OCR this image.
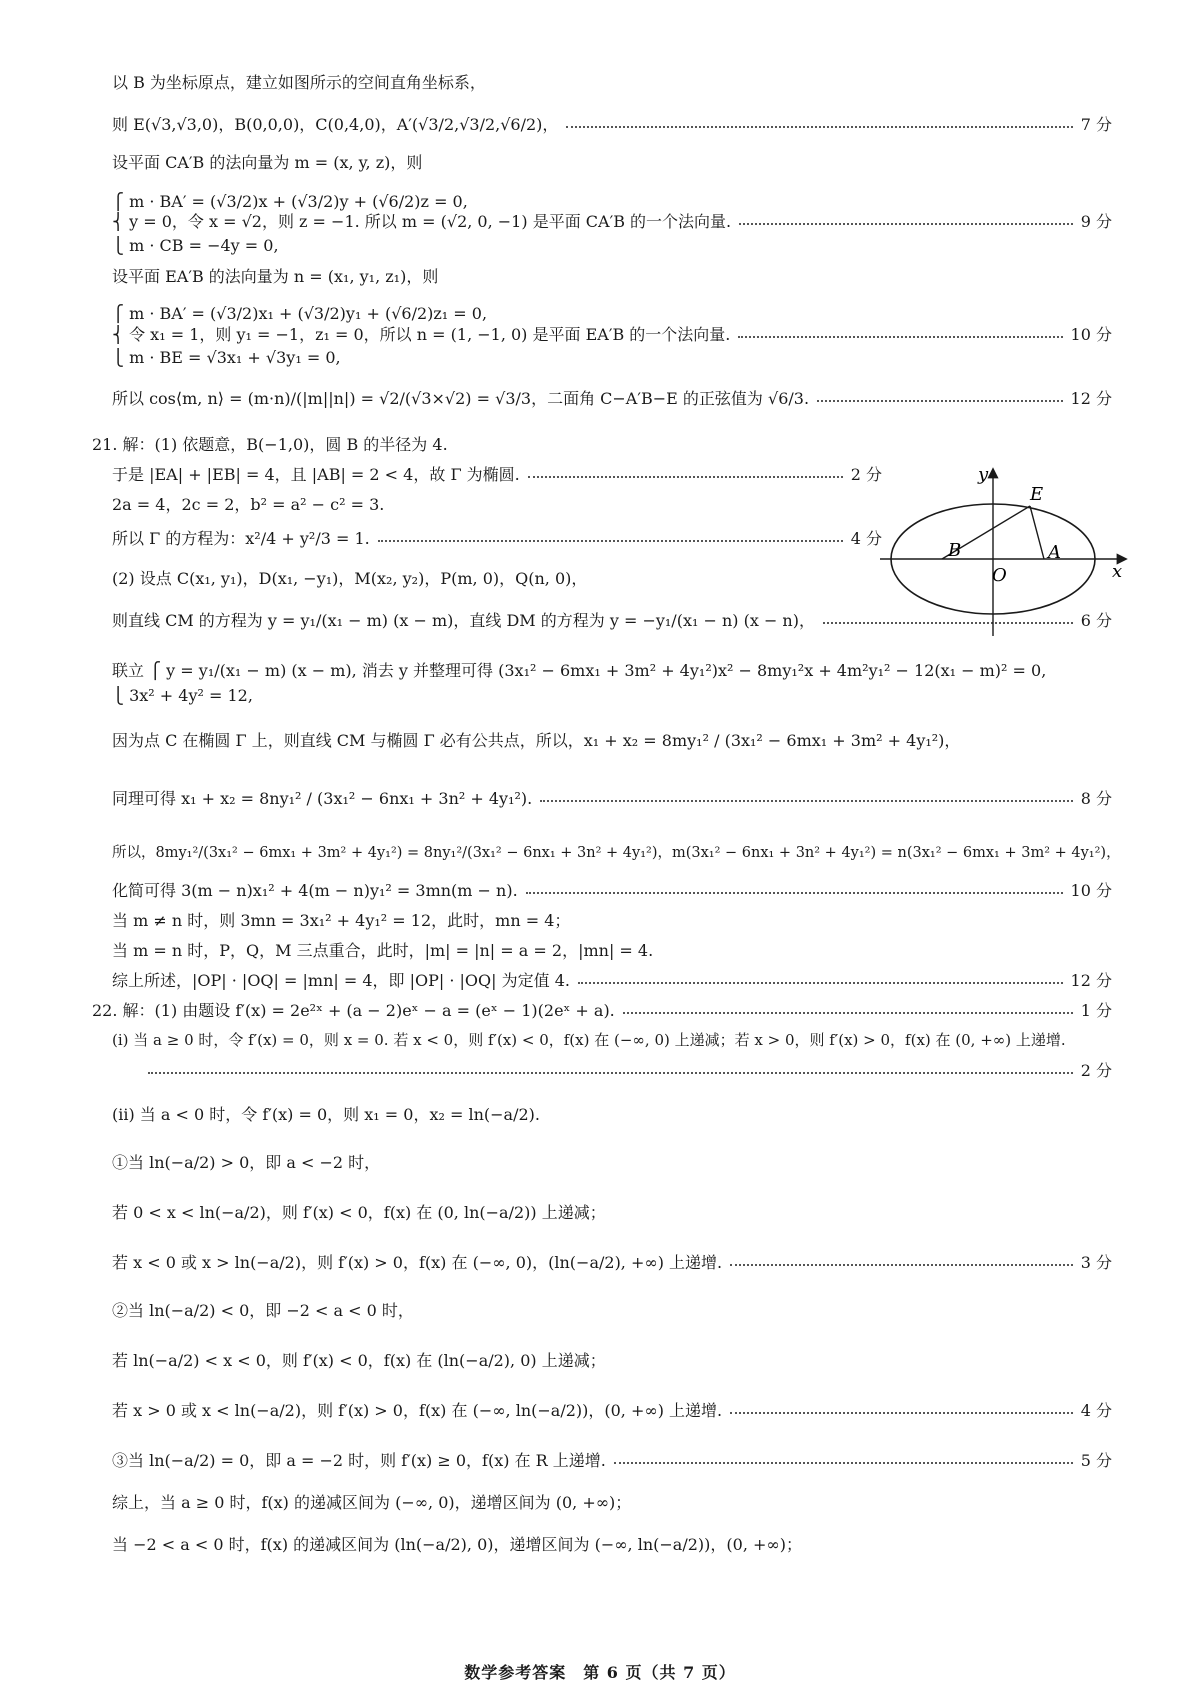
以 B 为坐标原点，建立如图所示的空间直角坐标系，
则 E(√3,√3,0)，B(0,0,0)，C(0,4,0)，A′(√3/2,√3/2,√6/2)，	7 分
设平面 CA′B 的法向量为 m = (x, y, z)，则
⎧ m · BA′ = (√3/2)x + (√3/2)y + (√6/2)z = 0,
⎨ y = 0，令 x = √2，则 z = −1. 所以 m = (√2, 0, −1) 是平面 CA′B 的一个法向量.	9 分
⎩ m · CB = −4y = 0,
设平面 EA′B 的法向量为 n = (x₁, y₁, z₁)，则
⎧ m · BA′ = (√3/2)x₁ + (√3/2)y₁ + (√6/2)z₁ = 0,
⎨ 令 x₁ = 1，则 y₁ = −1，z₁ = 0，所以 n = (1, −1, 0) 是平面 EA′B 的一个法向量.	10 分
⎩ m · BE = √3x₁ + √3y₁ = 0,
所以 cos⟨m, n⟩ = (m·n)/(|m||n|) = √2/(√3×√2) = √3/3，二面角 C−A′B−E 的正弦值为 √6/3.	12 分
21. 解：(1) 依题意，B(−1,0)，圆 B 的半径为 4.
于是 |EA| + |EB| = 4，且 |AB| = 2 < 4，故 Γ 为椭圆.	2 分
2a = 4，2c = 2，b² = a² − c² = 3.
所以 Γ 的方程为：x²/4 + y²/3 = 1.	4 分
(2) 设点 C(x₁, y₁)，D(x₁, −y₁)，M(x₂, y₂)，P(m, 0)，Q(n, 0)，
则直线 CM 的方程为 y = y₁/(x₁ − m) (x − m)，直线 DM 的方程为 y = −y₁/(x₁ − n) (x − n)，	6 分
联立 ⎧ y = y₁/(x₁ − m) (x − m), 消去 y 并整理可得 (3x₁² − 6mx₁ + 3m² + 4y₁²)x² − 8my₁²x + 4m²y₁² − 12(x₁ − m)² = 0,
⎩ 3x² + 4y² = 12,
因为点 C 在椭圆 Γ 上，则直线 CM 与椭圆 Γ 必有公共点，所以，x₁ + x₂ = 8my₁² / (3x₁² − 6mx₁ + 3m² + 4y₁²)，
同理可得 x₁ + x₂ = 8ny₁² / (3x₁² − 6nx₁ + 3n² + 4y₁²).	8 分
所以，8my₁²/(3x₁² − 6mx₁ + 3m² + 4y₁²) = 8ny₁²/(3x₁² − 6nx₁ + 3n² + 4y₁²)，m(3x₁² − 6nx₁ + 3n² + 4y₁²) = n(3x₁² − 6mx₁ + 3m² + 4y₁²)，
化简可得 3(m − n)x₁² + 4(m − n)y₁² = 3mn(m − n).	10 分
当 m ≠ n 时，则 3mn = 3x₁² + 4y₁² = 12，此时，mn = 4；
当 m = n 时，P，Q，M 三点重合，此时，|m| = |n| = a = 2，|mn| = 4.
综上所述，|OP| · |OQ| = |mn| = 4，即 |OP| · |OQ| 为定值 4.	12 分
22. 解：(1) 由题设 f′(x) = 2e²ˣ + (a − 2)eˣ − a = (eˣ − 1)(2eˣ + a).	1 分
(i) 当 a ≥ 0 时，令 f′(x) = 0，则 x = 0. 若 x < 0，则 f′(x) < 0，f(x) 在 (−∞, 0) 上递减；若 x > 0，则 f′(x) > 0，f(x) 在 (0, +∞) 上递增.
2 分
(ii) 当 a < 0 时，令 f′(x) = 0，则 x₁ = 0，x₂ = ln(−a/2).
①当 ln(−a/2) > 0，即 a < −2 时，
若 0 < x < ln(−a/2)，则 f′(x) < 0，f(x) 在 (0, ln(−a/2)) 上递减；
若 x < 0 或 x > ln(−a/2)，则 f′(x) > 0，f(x) 在 (−∞, 0)，(ln(−a/2), +∞) 上递增.	3 分
②当 ln(−a/2) < 0，即 −2 < a < 0 时，
若 ln(−a/2) < x < 0，则 f′(x) < 0，f(x) 在 (ln(−a/2), 0) 上递减；
若 x > 0 或 x < ln(−a/2)，则 f′(x) > 0，f(x) 在 (−∞, ln(−a/2))，(0, +∞) 上递增.	4 分
③当 ln(−a/2) = 0，即 a = −2 时，则 f′(x) ≥ 0，f(x) 在 R 上递增.	5 分
综上，当 a ≥ 0 时，f(x) 的递减区间为 (−∞, 0)，递增区间为 (0, +∞)；
当 −2 < a < 0 时，f(x) 的递减区间为 (ln(−a/2), 0)，递增区间为 (−∞, ln(−a/2))，(0, +∞)；
y
x
E
B
O
A
数学参考答案　第 6 页（共 7 页）
